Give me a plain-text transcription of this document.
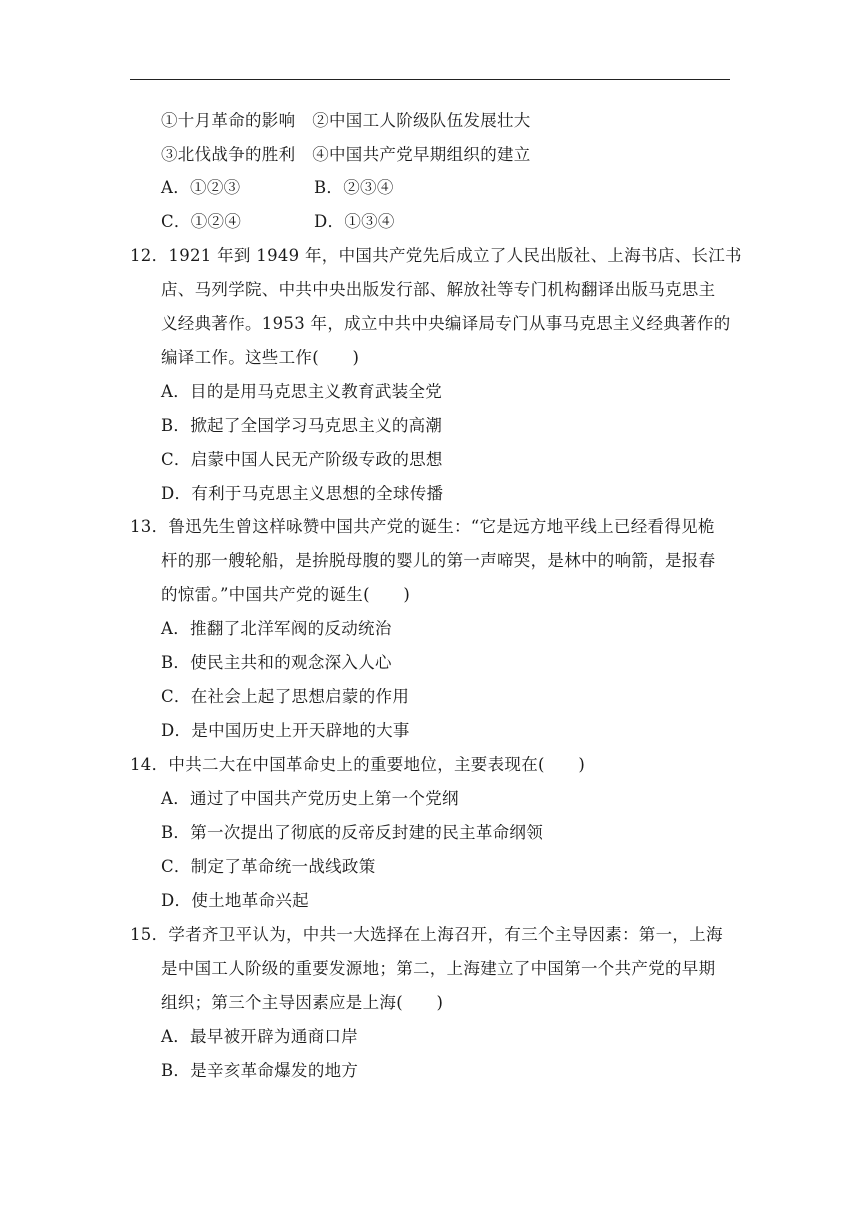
①十月革命的影响　②中国工人阶级队伍发展壮大
③北伐战争的胜利　④中国共产党早期组织的建立
A．①②③	B．②③④
C．①②④	D．①③④
12．1921 年到 1949 年，中国共产党先后成立了人民出版社、上海书店、长江书
店、马列学院、中共中央出版发行部、解放社等专门机构翻译出版马克思主
义经典著作。1953 年，成立中共中央编译局专门从事马克思主义经典著作的
编译工作。这些工作(　　)
A．目的是用马克思主义教育武装全党
B．掀起了全国学习马克思主义的高潮
C．启蒙中国人民无产阶级专政的思想
D．有利于马克思主义思想的全球传播
13．鲁迅先生曾这样咏赞中国共产党的诞生：“它是远方地平线上已经看得见桅
杆的那一艘轮船，是拚脱母腹的婴儿的第一声啼哭，是林中的响箭，是报春
的惊雷。”中国共产党的诞生(　　)
A．推翻了北洋军阀的反动统治
B．使民主共和的观念深入人心
C．在社会上起了思想启蒙的作用
D．是中国历史上开天辟地的大事
14．中共二大在中国革命史上的重要地位，主要表现在(　　)
A．通过了中国共产党历史上第一个党纲
B．第一次提出了彻底的反帝反封建的民主革命纲领
C．制定了革命统一战线政策
D．使土地革命兴起
15．学者齐卫平认为，中共一大选择在上海召开，有三个主导因素：第一，上海
是中国工人阶级的重要发源地；第二，上海建立了中国第一个共产党的早期
组织；第三个主导因素应是上海(　　)
A．最早被开辟为通商口岸
B．是辛亥革命爆发的地方
